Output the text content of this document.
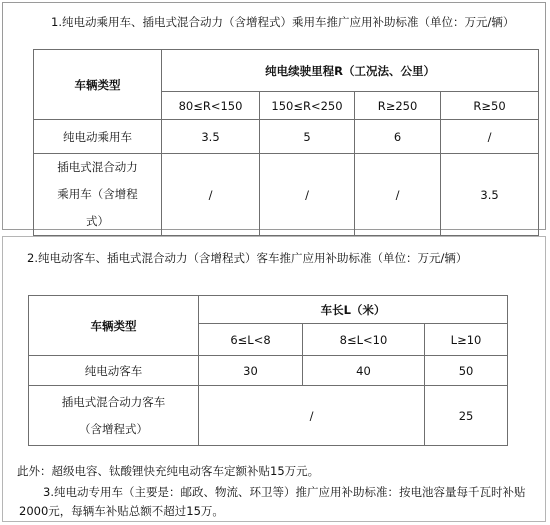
1.纯电动乘用车、插电式混合动力（含增程式）乘用车推广应用补助标准（单位：万元/辆）
车辆类型	纯电续驶里程R（工况法、公里）			
	80≤R<150	150≤R<250	R≥250	R≥50
纯电动乘用车	3.5	5	6	/
插电式混合动力乘用车（含增程式）	/	/	/	3.5
2.纯电动客车、插电式混合动力（含增程式）客车推广应用补助标准（单位：万元/辆）
车辆类型	车长L（米）		
	6≤L<8	8≤L<10	L≥10
纯电动客车	30	40	50
插电式混合动力客车（含增程式）	/		25
此外：超级电容、钛酸锂快充纯电动客车定额补贴15万元。
3.纯电动专用车（主要是：邮政、物流、环卫等）推广应用补助标准：按电池容量每千瓦时补贴
2000元，每辆车补贴总额不超过15万。
